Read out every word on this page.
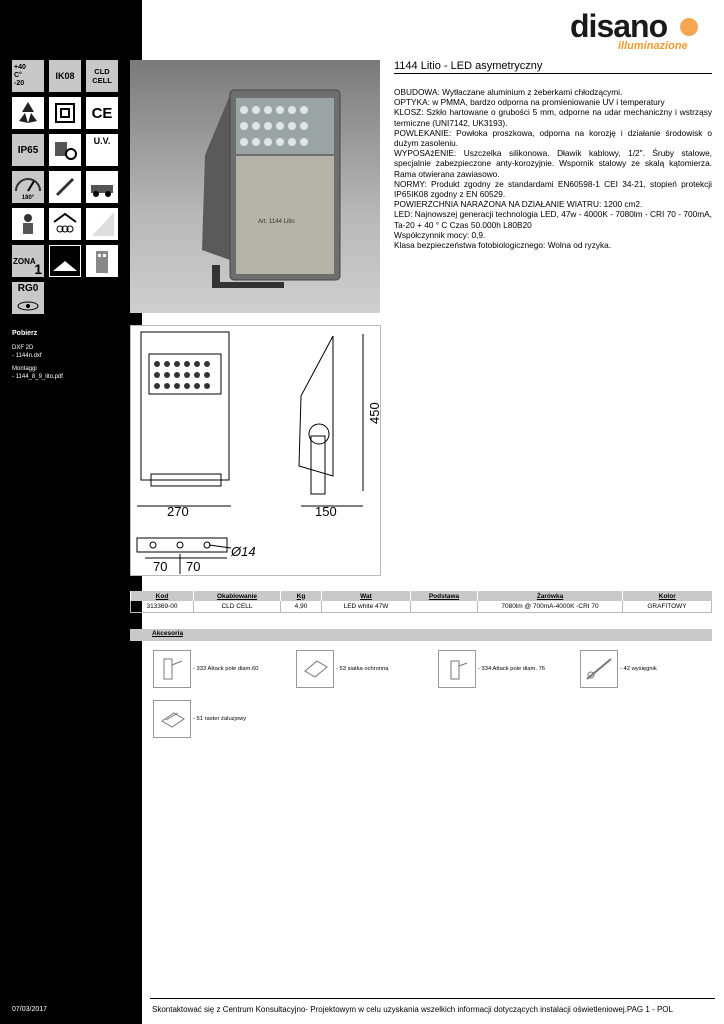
+40
C°
-20
IK08	CLD CELL
CE
IP65
U.V.
180°
ZONA
1
RG0
Pobierz
DXF 2D
- 1144n.dxf
Montaggi
- 1144_8_9_lito.pdf
07/03/2017
disano
illuminazione
1144 Litio - LED asymetryczny

OBUDOWA: Wytłaczane aluminium z żeberkami chłodzącymi.

OPTYKA: w PMMA, bardzo odporna na promieniowanie UV i temperatury

KLOSZ: Szkło hartowane o grubości 5 mm, odporne na udar mechaniczny i wstrząsy termiczne (UNI7142, UK3193).

POWLEKANIE: Powłoka proszkowa, odporna na korozję i działanie środowisk o dużym zasoleniu.

WYPOSAżENIE: Uszczelka silikonowa. Dławik kablowy, 1/2". Śruby stalowe, specjalnie zabezpieczone anty-korozyjnie. Wspornik stalowy ze skalą kątomierza. Rama otwierana zawiasowo.

NORMY: Produkt zgodny ze standardami EN60598-1 CEI 34-21, stopień protekcji IP65IK08 zgodny z EN 60529.

POWIERZCHNIA NARAŻONA NA DZIAŁANIE WIATRU: 1200 cm2.

LED: Najnowszej generacji technologia LED, 47w - 4000K - 7080lm - CRI 70 - 700mA, Ta-20 + 40 ° C Czas 50.000h L80B20

Współczynnik mocy: 0,9.

Klasa bezpieczeństwa fotobiologicznego: Wolna od ryzyka.

Art. 1144 Litio
270	150
450
Ø14
70 70
Kod	Okablowanie	Kg	Wat	Podstawa	Żarówka	Kolor
313369-00	CLD CELL	4,90	LED white 47W		7080lm @ 700mA-4000K -CRI 70	GRAFITOWY
Akcesoria
- 333 Attack pole diam.60	- 53 siatka ochronna	- 334 Attack pole diam. 76	- 42 wysięgnik
- 51 raster żaluzjowy
Skontaktować się z Centrum Konsultacyjno- Projektowym w celu uzyskania wszelkich informacji dotyczących instalacji oświetleniowej.PAG 1 - POL
